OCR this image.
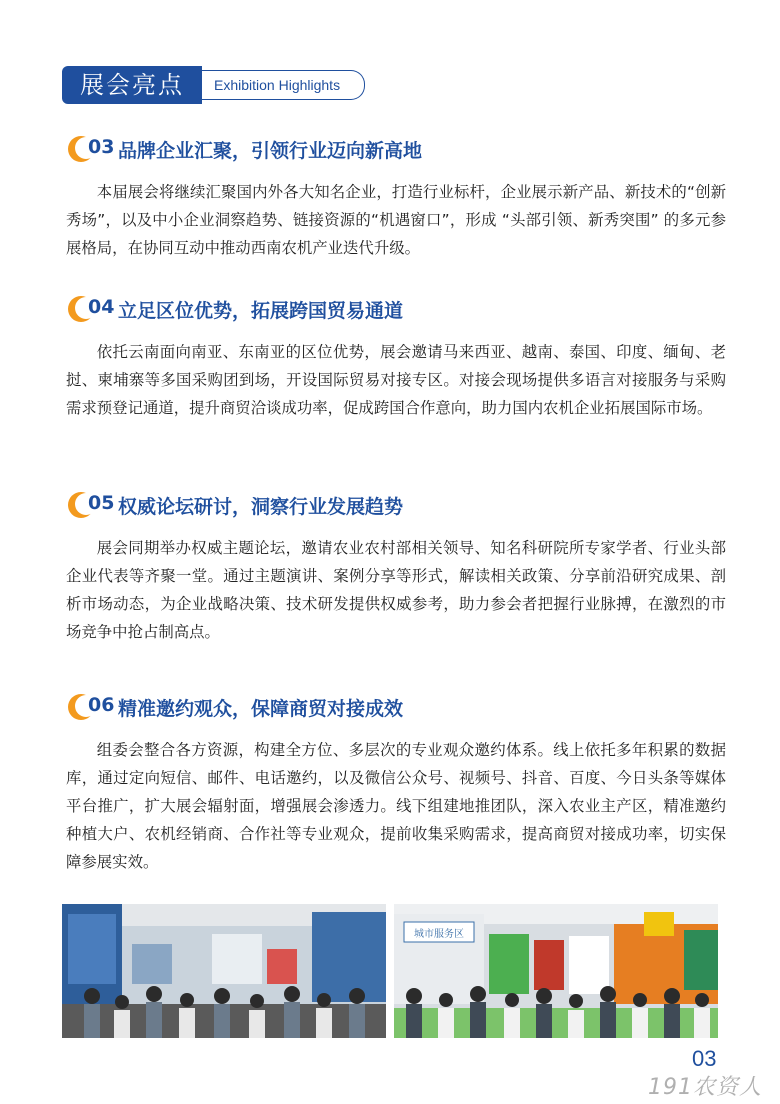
展会亮点	Exhibition Highlights
03 品牌企业汇聚，引领行业迈向新高地

本届展会将继续汇聚国内外各大知名企业，打造行业标杆，企业展示新产品、新技术的“创新秀场”，以及中小企业洞察趋势、链接资源的“机遇窗口”，形成 “头部引领、新秀突围” 的多元参展格局，在协同互动中推动西南农机产业迭代升级。

04 立足区位优势，拓展跨国贸易通道

依托云南面向南亚、东南亚的区位优势，展会邀请马来西亚、越南、泰国、印度、缅甸、老挝、柬埔寨等多国采购团到场，开设国际贸易对接专区。对接会现场提供多语言对接服务与采购需求预登记通道，提升商贸洽谈成功率，促成跨国合作意向，助力国内农机企业拓展国际市场。

05 权威论坛研讨，洞察行业发展趋势

展会同期举办权威主题论坛，邀请农业农村部相关领导、知名科研院所专家学者、行业头部企业代表等齐聚一堂。通过主题演讲、案例分享等形式，解读相关政策、分享前沿研究成果、剖析市场动态，为企业战略决策、技术研发提供权威参考，助力参会者把握行业脉搏，在激烈的市场竞争中抢占制高点。

06 精准邀约观众，保障商贸对接成效

组委会整合各方资源，构建全方位、多层次的专业观众邀约体系。线上依托多年积累的数据库，通过定向短信、邮件、电话邀约，以及微信公众号、视频号、抖音、百度、今日头条等媒体平台推广，扩大展会辐射面，增强展会渗透力。线下组建地推团队，深入农业主产区，精准邀约种植大户、农机经销商、合作社等专业观众，提前收集采购需求，提高商贸对接成功率，切实保障参展实效。

城市服务区
03
191农资人
